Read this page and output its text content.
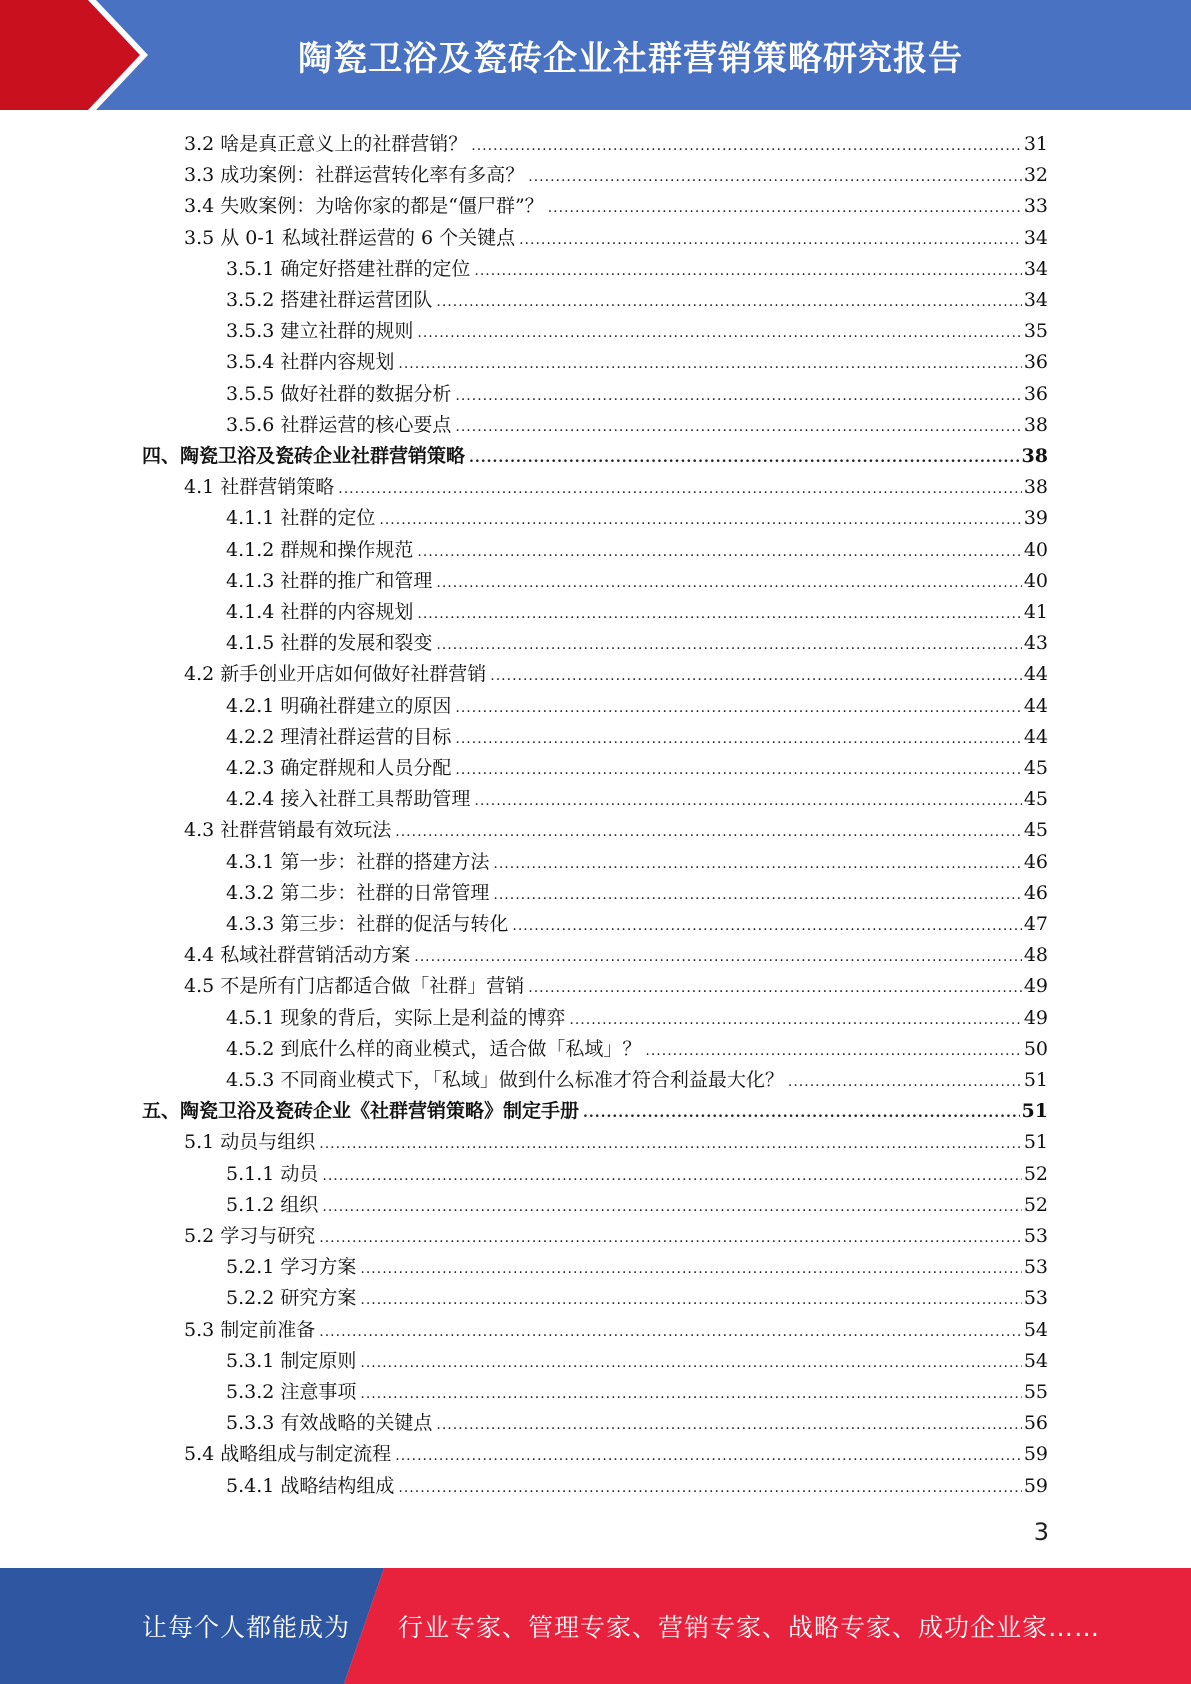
陶瓷卫浴及瓷砖企业社群营销策略研究报告
3.2 啥是真正意义上的社群营销？ .....	31
3.3 成功案例：社群运营转化率有多高？ .....	32
3.4 失败案例：为啥你家的都是“僵尸群”？ .....	33
3.5 从 0-1 私域社群运营的 6 个关键点 .....	34
3.5.1 确定好搭建社群的定位 .....	34
3.5.2 搭建社群运营团队 .....	34
3.5.3 建立社群的规则 .....	35
3.5.4 社群内容规划 .....	36
3.5.5 做好社群的数据分析 .....	36
3.5.6 社群运营的核心要点 .....	38
四、陶瓷卫浴及瓷砖企业社群营销策略 .....	38
4.1 社群营销策略 .....	38
4.1.1 社群的定位 .....	39
4.1.2 群规和操作规范 .....	40
4.1.3 社群的推广和管理 .....	40
4.1.4 社群的内容规划 .....	41
4.1.5 社群的发展和裂变 .....	43
4.2 新手创业开店如何做好社群营销 .....	44
4.2.1 明确社群建立的原因 .....	44
4.2.2 理清社群运营的目标 .....	44
4.2.3 确定群规和人员分配 .....	45
4.2.4 接入社群工具帮助管理 .....	45
4.3 社群营销最有效玩法 .....	45
4.3.1 第一步：社群的搭建方法 .....	46
4.3.2 第二步：社群的日常管理 .....	46
4.3.3 第三步：社群的促活与转化 .....	47
4.4 私域社群营销活动方案 .....	48
4.5 不是所有门店都适合做「社群」营销 .....	49
4.5.1 现象的背后，实际上是利益的博弈 .....	49
4.5.2 到底什么样的商业模式，适合做「私域」？ .....	50
4.5.3 不同商业模式下，「私域」做到什么标准才符合利益最大化？ .....	51
五、陶瓷卫浴及瓷砖企业《社群营销策略》制定手册 .....	51
5.1 动员与组织 .....	51
5.1.1 动员 .....	52
5.1.2 组织 .....	52
5.2 学习与研究 .....	53
5.2.1 学习方案 .....	53
5.2.2 研究方案 .....	53
5.3 制定前准备 .....	54
5.3.1 制定原则 .....	54
5.3.2 注意事项 .....	55
5.3.3 有效战略的关键点 .....	56
5.4 战略组成与制定流程 .....	59
5.4.1 战略结构组成 .....	59
3
让每个人都能成为 行业专家、管理专家、营销专家、战略专家、成功企业家……
